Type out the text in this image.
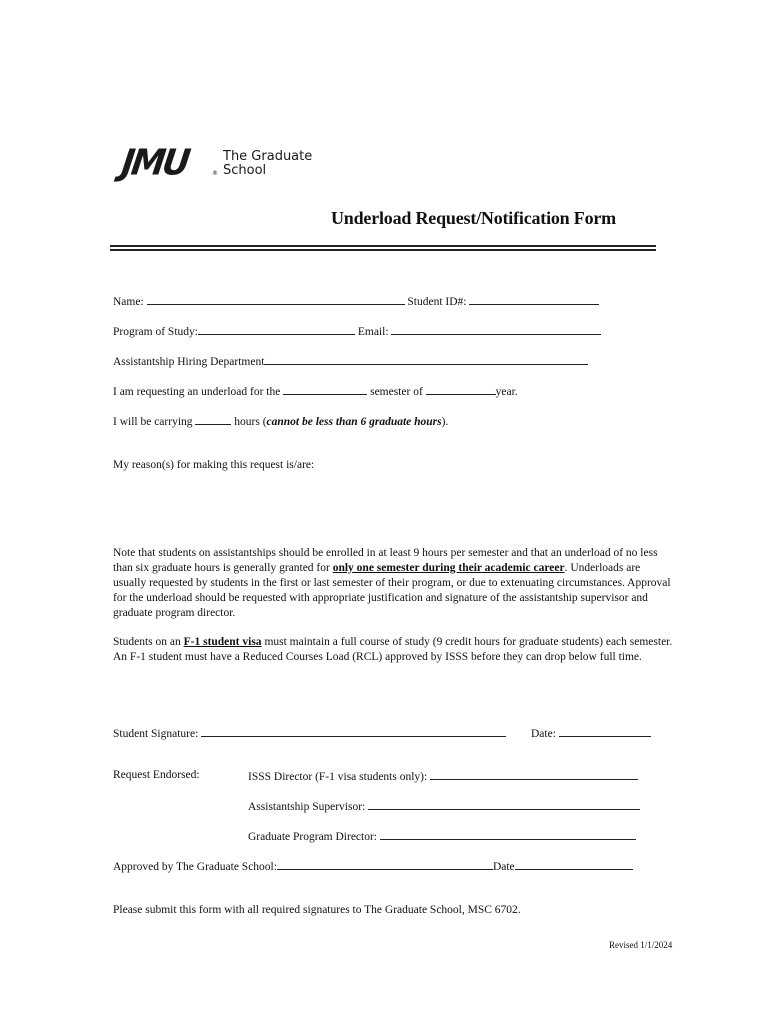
JMU	®
The Graduate
School
Underload Request/Notification Form
Name:	Student ID#:
Program of Study:	Email:
Assistantship Hiring Department
I am requesting an underload for the	semester of	year.
I will be carrying	hours (cannot be less than 6 graduate hours).
My reason(s) for making this request is/are:
Note that students on assistantships should be enrolled in at least 9 hours per semester and that an underload of no less than six graduate hours is generally granted for only one semester during their academic career. Underloads are usually requested by students in the first or last semester of their program, or due to extenuating circumstances. Approval for the underload should be requested with appropriate justification and signature of the assistantship supervisor and graduate program director.
Students on an F-1 student visa must maintain a full course of study (9 credit hours for graduate students) each semester. An F-1 student must have a Reduced Courses Load (RCL) approved by ISSS before they can drop below full time.
Student Signature:	Date:
Request Endorsed:	ISSS Director (F-1 visa students only):
Assistantship Supervisor:
Graduate Program Director:
Approved by The Graduate School:	Date
Please submit this form with all required signatures to The Graduate School, MSC 6702.
Revised 1/1/2024
